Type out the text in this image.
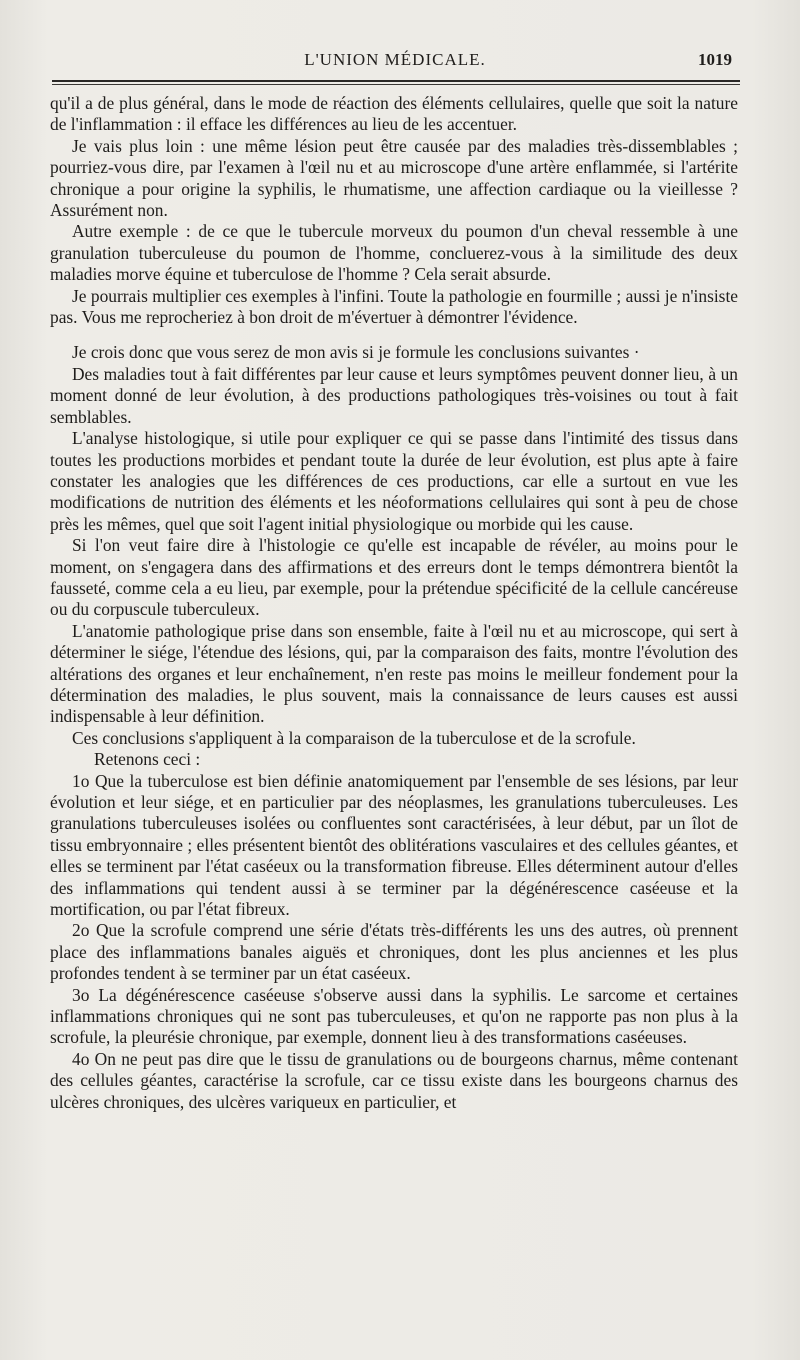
L'UNION MÉDICALE.	1019

qu'il a de plus général, dans le mode de réaction des éléments cellulaires, quelle que soit la nature de l'inflammation : il efface les différences au lieu de les accentuer.

Je vais plus loin : une même lésion peut être causée par des maladies très-dissemblables ; pourriez-vous dire, par l'examen à l'œil nu et au microscope d'une artère enflammée, si l'artérite chronique a pour origine la syphilis, le rhumatisme, une affection cardiaque ou la vieillesse ? Assurément non.

Autre exemple : de ce que le tubercule morveux du poumon d'un cheval ressemble à une granulation tuberculeuse du poumon de l'homme, concluerez-vous à la similitude des deux maladies morve équine et tuberculose de l'homme ? Cela serait absurde.

Je pourrais multiplier ces exemples à l'infini. Toute la pathologie en fourmille ; aussi je n'insiste pas. Vous me reprocheriez à bon droit de m'évertuer à démontrer l'évidence.

Je crois donc que vous serez de mon avis si je formule les conclusions suivantes ·

Des maladies tout à fait différentes par leur cause et leurs symptômes peuvent donner lieu, à un moment donné de leur évolution, à des productions pathologiques très-voisines ou tout à fait semblables.

L'analyse histologique, si utile pour expliquer ce qui se passe dans l'intimité des tissus dans toutes les productions morbides et pendant toute la durée de leur évolution, est plus apte à faire constater les analogies que les différences de ces productions, car elle a surtout en vue les modifications de nutrition des éléments et les néoformations cellulaires qui sont à peu de chose près les mêmes, quel que soit l'agent initial physiologique ou morbide qui les cause.

Si l'on veut faire dire à l'histologie ce qu'elle est incapable de révéler, au moins pour le moment, on s'engagera dans des affirmations et des erreurs dont le temps démontrera bientôt la fausseté, comme cela a eu lieu, par exemple, pour la prétendue spécificité de la cellule cancéreuse ou du corpuscule tuberculeux.

L'anatomie pathologique prise dans son ensemble, faite à l'œil nu et au microscope, qui sert à déterminer le siége, l'étendue des lésions, qui, par la comparaison des faits, montre l'évolution des altérations des organes et leur enchaînement, n'en reste pas moins le meilleur fondement pour la détermination des maladies, le plus souvent, mais la connaissance de leurs causes est aussi indispensable à leur définition.

Ces conclusions s'appliquent à la comparaison de la tuberculose et de la scrofule.

Retenons ceci :

1o Que la tuberculose est bien définie anatomiquement par l'ensemble de ses lésions, par leur évolution et leur siége, et en particulier par des néoplasmes, les granulations tuberculeuses. Les granulations tuberculeuses isolées ou confluentes sont caractérisées, à leur début, par un îlot de tissu embryonnaire ; elles présentent bientôt des oblitérations vasculaires et des cellules géantes, et elles se terminent par l'état caséeux ou la transformation fibreuse. Elles déterminent autour d'elles des inflammations qui tendent aussi à se terminer par la dégénérescence caséeuse et la mortification, ou par l'état fibreux.

2o Que la scrofule comprend une série d'états très-différents les uns des autres, où prennent place des inflammations banales aiguës et chroniques, dont les plus anciennes et les plus profondes tendent à se terminer par un état caséeux.

3o La dégénérescence caséeuse s'observe aussi dans la syphilis. Le sarcome et certaines inflammations chroniques qui ne sont pas tuberculeuses, et qu'on ne rapporte pas non plus à la scrofule, la pleurésie chronique, par exemple, donnent lieu à des transformations caséeuses.

4o On ne peut pas dire que le tissu de granulations ou de bourgeons charnus, même contenant des cellules géantes, caractérise la scrofule, car ce tissu existe dans les bourgeons charnus des ulcères chroniques, des ulcères variqueux en particulier, et
